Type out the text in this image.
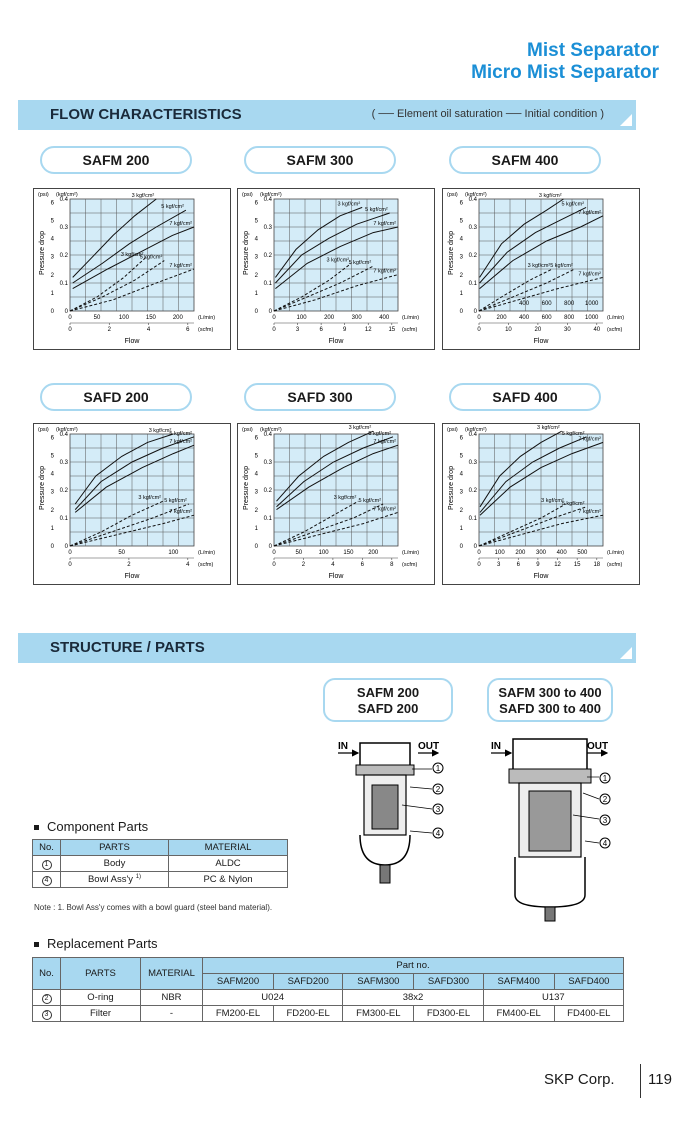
Mist Separator
Micro Mist Separator
FLOW CHARACTERISTICS	( ── Element oil saturation ── Initial condition )
SAFM 200
(psi) (kgf/cm²)
0
0.1
0.2
0.3
0.4
0
1
2
3
4
5
6
Pressure drop
0	50	100	150	200
0	2	4	6
(L/min)
(scfm)
Flow
3 kgf/cm²
5 kgf/cm²
7 kgf/cm²
3 kgf/cm²
5 kgf/cm²
7 kgf/cm²
SAFM 300
(psi) (kgf/cm²)
0
0.1
0.2
0.3
0.4
0
1
2
3
4
5
6
Pressure drop
0	100	200	300	400
0	3	6	9	12	15
(L/min)
(scfm)
Flow
3 kgf/cm²
5 kgf/cm²
7 kgf/cm²
3 kgf/cm² 5 kgf/cm²
7 kgf/cm²
SAFM 400
(psi) (kgf/cm²)
0
0.1
0.2
0.3
0.4
0
1
2
3
4
5
6
Pressure drop
0	200 400 600 800 1000
0	10	20	30	40
(L/min)
(scfm)
Flow
400 600 800 1000
3 kgf/cm²
5 kgf/cm²
7 kgf/cm²
3 kgf/cm² 5 kgf/cm²
7 kgf/cm²
SAFD 200
(psi) (kgf/cm²)
0
0.1
0.2
0.3
0.4
0
1
2
3
4
5
6
Pressure drop
0	50	100
0	2	4
(L/min)
(scfm)
Flow
3 kgf/cm²
5 kgf/cm²
7 kgf/cm²
3 kgf/cm² 5 kgf/cm²
7 kgf/cm²
SAFD 300
(psi) (kgf/cm²)
0
0.1
0.2
0.3
0.4
0
1
2
3
4
5
6
Pressure drop
0	50	100 150 200
0	2	4	6	8
(L/min)
(scfm)
Flow
3 kgf/cm²
5 kgf/cm²
7 kgf/cm²
3 kgf/cm² 5 kgf/cm²
7 kgf/cm²
SAFD 400
(psi) (kgf/cm²)
0
0.1
0.2
0.3
0.4
0
1
2
3
4
5
6
Pressure drop
0 100 200 300 400 500
0	3	6	9 12 15 18
(L/min)
(scfm)
Flow
3 kgf/cm²
5 kgf/cm²
7 kgf/cm²
3 kgf/cm²
5 kgf/cm²
7 kgf/cm²
STRUCTURE / PARTS
SAFM 200
SAFD 200
SAFM 300 to 400
SAFD 300 to 400
IN	OUT
1
2
3
4
IN	OUT
1
2
3
4
Component Parts
No.	PARTS	MATERIAL
1	Body	ALDC
4	Bowl Ass'y $^{1)}$	PC & Nylon
Note : 1. Bowl Ass'y comes with a bowl guard (steel band material).
Replacement Parts
No.	PARTS	MATERIAL	Part no.					
			SAFM200	SAFD200	SAFM300	SAFD300	SAFM400	SAFD400
2	O-ring	NBR	U024		38x2		U137	
3	Filter	-	FM200-EL	FD200-EL	FM300-EL	FD300-EL	FM400-EL	FD400-EL
SKP Corp. 119
